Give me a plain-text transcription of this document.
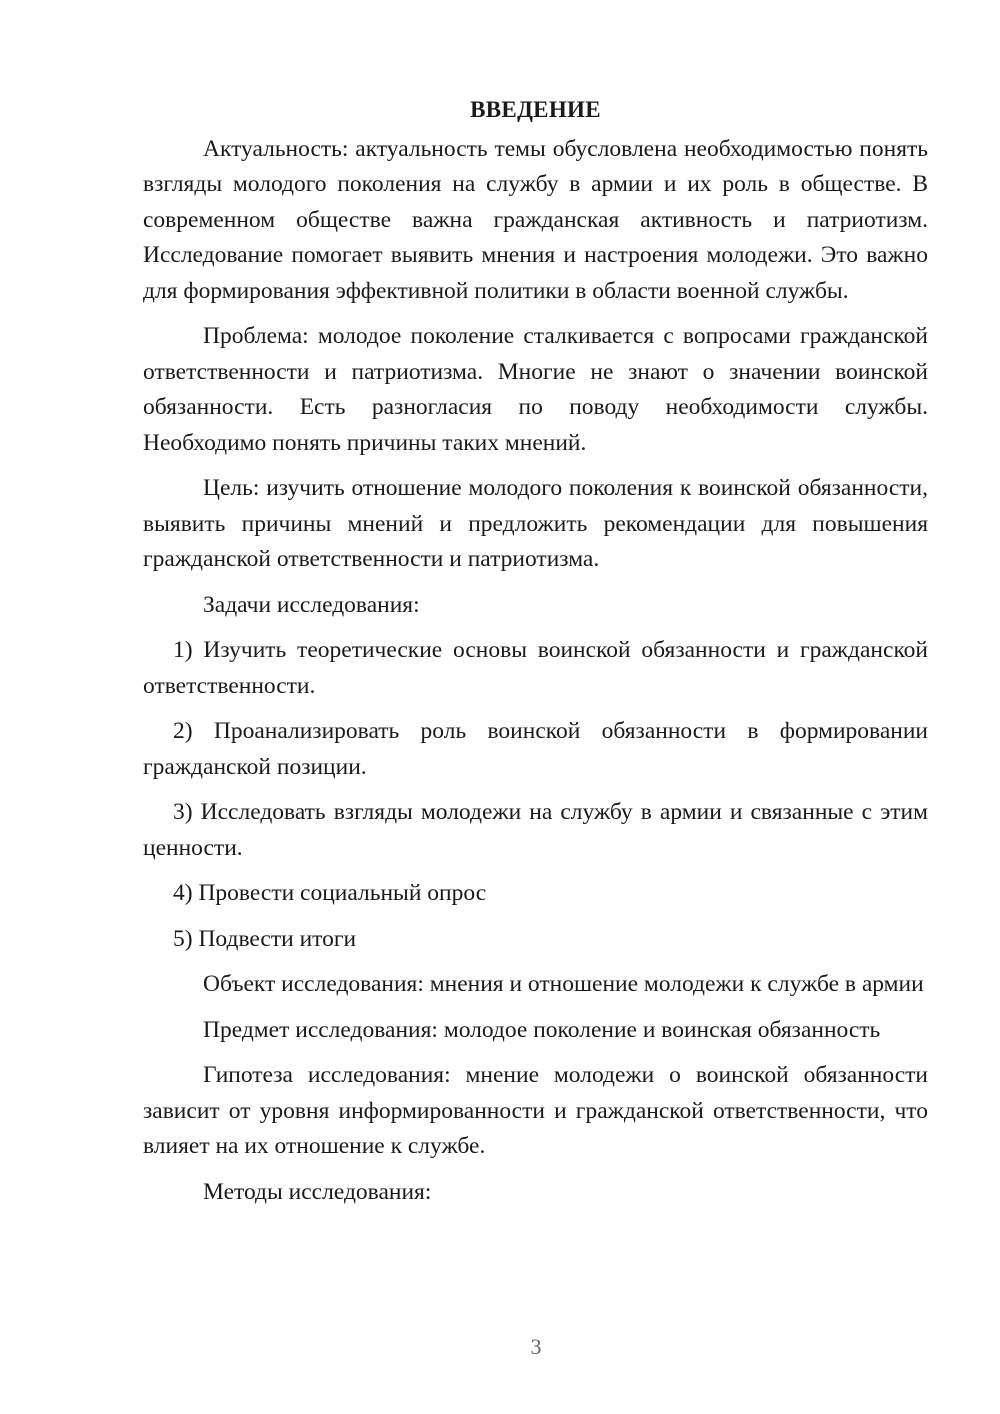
ВВЕДЕНИЕ

Актуальность: актуальность темы обусловлена необходимостью понять взгляды молодого поколения на службу в армии и их роль в обществе. В современном обществе важна гражданская активность и патриотизм. Исследование помогает выявить мнения и настроения молодежи. Это важно для формирования эффективной политики в области военной службы.

Проблема: молодое поколение сталкивается с вопросами гражданской ответственности и патриотизма. Многие не знают о значении воинской обязанности. Есть разногласия по поводу необходимости службы. Необходимо понять причины таких мнений.

Цель: изучить отношение молодого поколения к воинской обязанности, выявить причины мнений и предложить рекомендации для повышения гражданской ответственности и патриотизма.

Задачи исследования:

1) Изучить теоретические основы воинской обязанности и гражданской ответственности.

2) Проанализировать роль воинской обязанности в формировании гражданской позиции.

3) Исследовать взгляды молодежи на службу в армии и связанные с этим ценности.

4) Провести социальный опрос

5) Подвести итоги

Объект исследования: мнения и отношение молодежи к службе в армии

Предмет исследования: молодое поколение и воинская обязанность

Гипотеза исследования: мнение молодежи о воинской обязанности зависит от уровня информированности и гражданской ответственности, что влияет на их отношение к службе.

Методы исследования:

3
